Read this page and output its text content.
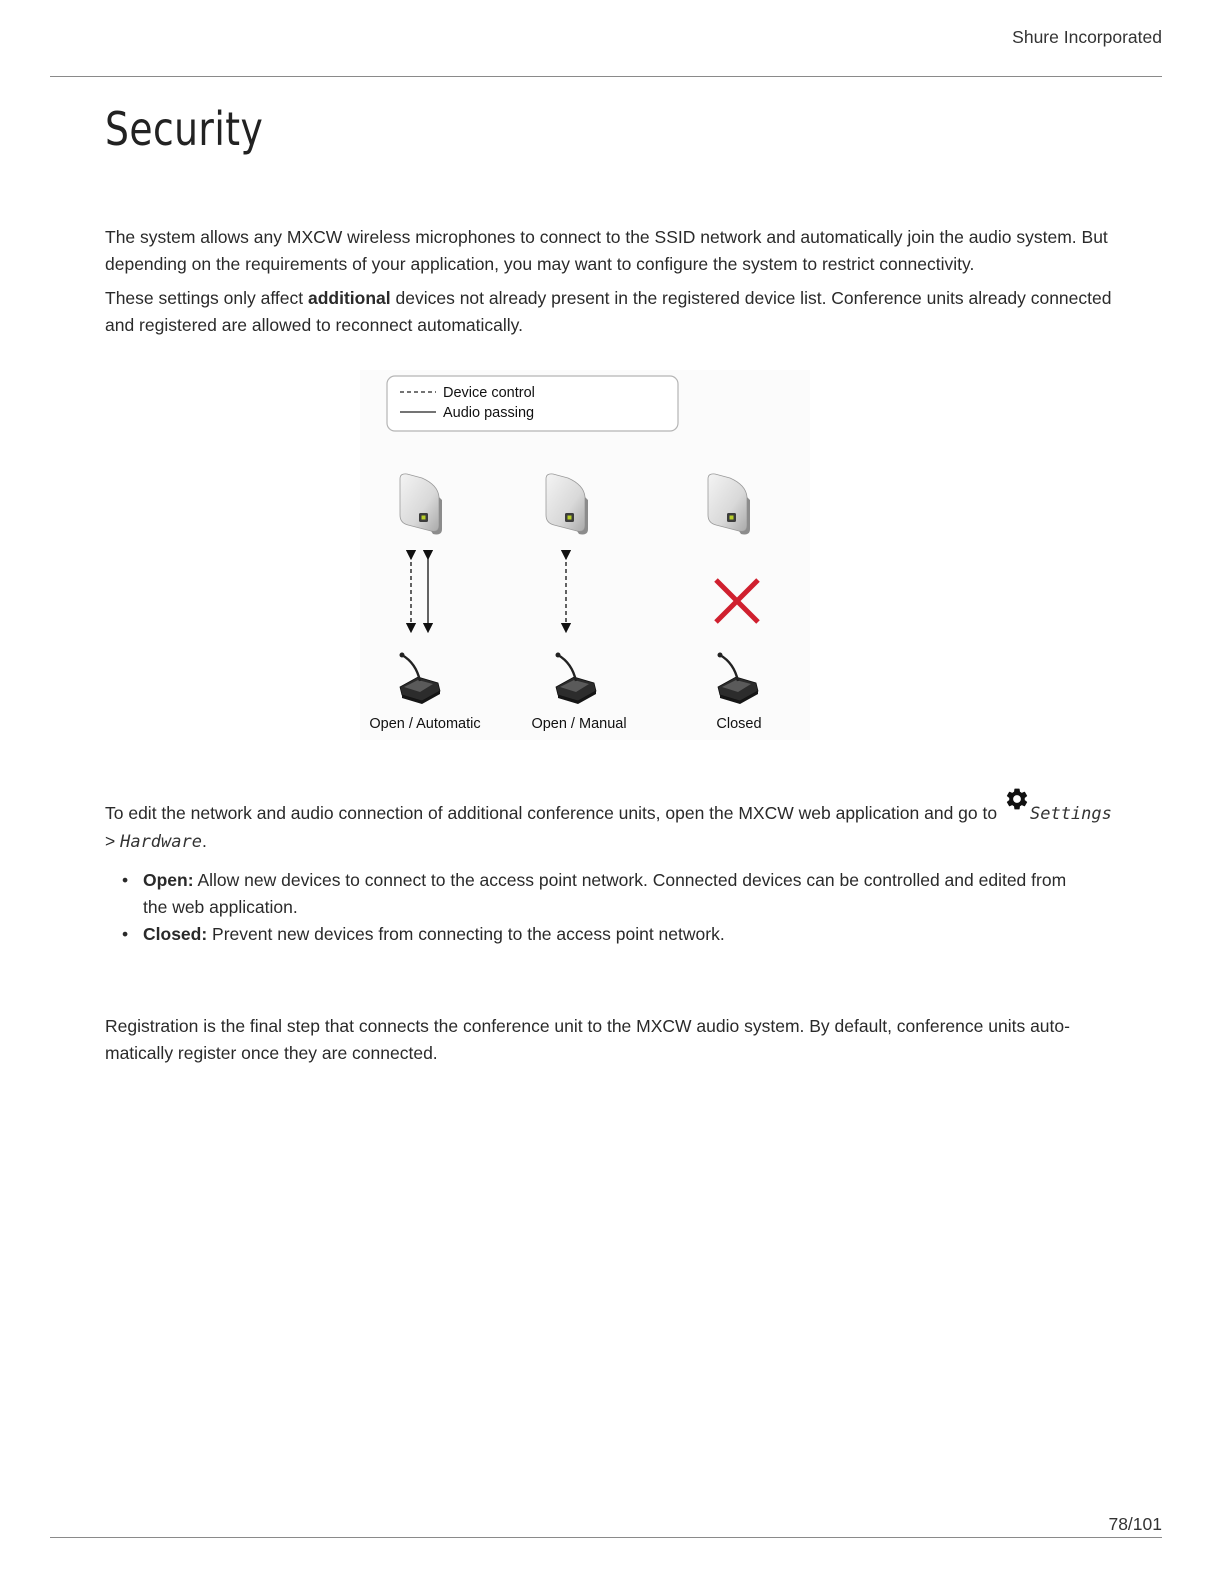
Shure Incorporated
Security

The system allows any MXCW wireless microphones to connect to the SSID network and automatically join the audio system. But depending on the requirements of your application, you may want to configure the system to restrict connectivity.

These settings only affect additional devices not already present in the registered device list. Conference units already connected and registered are allowed to reconnect automatically.

Device control
Audio passing
Open / Automatic	Open / Manual	Closed

To edit the network and audio connection of additional conference units, open the MXCW web application and go to Settings > Hardware.

• Open: Allow new devices to connect to the access point network. Connected devices can be controlled and edited from the web application.
• Closed: Prevent new devices from connecting to the access point network.

Registration is the final step that connects the conference unit to the MXCW audio system. By default, conference units automatically register once they are connected.

78/101
